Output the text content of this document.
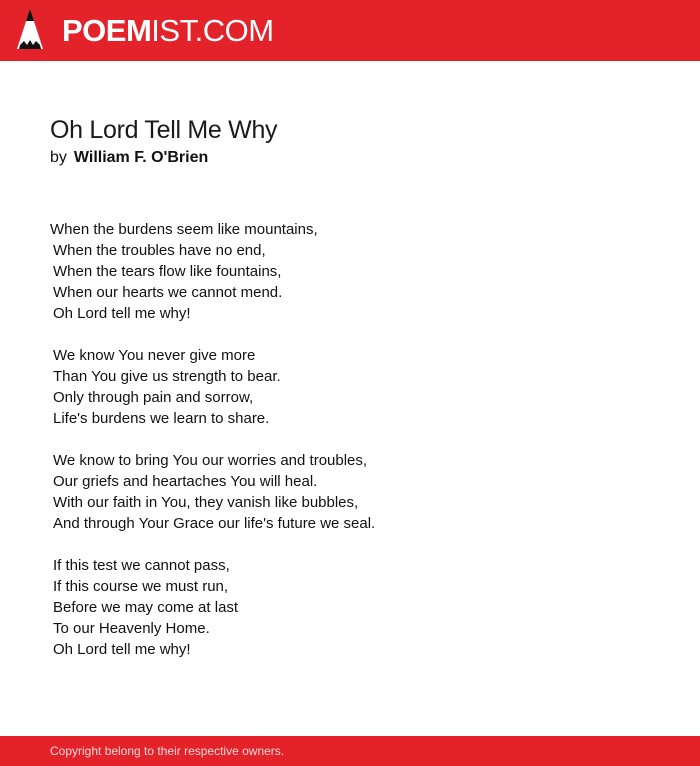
POEMIST.COM
Oh Lord Tell Me Why
by William F. O'Brien
When the burdens seem like mountains,
When the troubles have no end,
When the tears flow like fountains,
When our hearts we cannot mend.
Oh Lord tell me why!
We know You never give more
Than You give us strength to bear.
Only through pain and sorrow,
Life's burdens we learn to share.
We know to bring You our worries and troubles,
Our griefs and heartaches You will heal.
With our faith in You, they vanish like bubbles,
And through Your Grace our life's future we seal.
If this test we cannot pass,
If this course we must run,
Before we may come at last
To our Heavenly Home.
Oh Lord tell me why!
Copyright belong to their respective owners.
